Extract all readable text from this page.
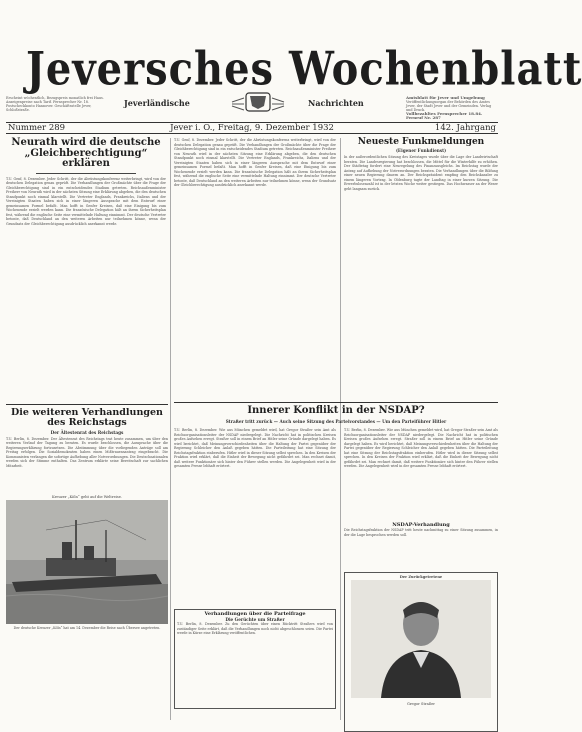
Jeversches Wochenblatt
Erscheint wöchentlich, Bezugspreis monatlich frei Haus. Anzeigenpreise nach Tarif. Fernsprecher Nr. 18. Postscheckkonto Hannover. Geschäftsstelle Jever, Schloßstraße.
Jeverländische	Nachrichten
Amtsblatt für Jever und Umgebung
Veröffentlichungsorgan der Behörden des Amtes Jever, der Stadt Jever und der Gemeinden. Verlag und Druck.
Vollbezahltes Fernsprecher 18.84. Fernruf Nr. 287
Nummer 289	Jever i. O., Freitag, 9. Dezember 1932	142. Jahrgang
Neurath wird die deutsche „Gleichberechtigung“ erklären
T.U. Genf, 8. Dezember. Jeder Schritt, der die Abrüstungskonferenz weiterbringt, wird von der deutschen Delegation genau geprüft. Die Verhandlungen der Großmächte über die Frage der Gleichberechtigung sind in ein entscheidendes Stadium getreten. Reichsaußenminister Freiherr von Neurath wird in der nächsten Sitzung eine Erklärung abgeben, die den deutschen Standpunkt noch einmal klarstellt. Die Vertreter Englands, Frankreichs, Italiens und der Vereinigten Staaten haben sich in einer längeren Aussprache mit dem Entwurf einer gemeinsamen Formel befaßt. Man hofft in Genfer Kreisen, daß eine Einigung bis zum Wochenende erzielt werden kann. Die französische Delegation hält an ihrem Sicherheitsplan fest, während die englische Seite eine vermittelnde Haltung einnimmt. Der deutsche Vertreter betonte, daß Deutschland an den weiteren Arbeiten nur teilnehmen könne, wenn der Grundsatz der Gleichberechtigung ausdrücklich anerkannt werde.
T.U. Genf, 8. Dezember. Jeder Schritt, der die Abrüstungskonferenz weiterbringt, wird von der deutschen Delegation genau geprüft. Die Verhandlungen der Großmächte über die Frage der Gleichberechtigung sind in ein entscheidendes Stadium getreten. Reichsaußenminister Freiherr von Neurath wird in der nächsten Sitzung eine Erklärung abgeben, die den deutschen Standpunkt noch einmal klarstellt. Die Vertreter Englands, Frankreichs, Italiens und der Vereinigten Staaten haben sich in einer längeren Aussprache mit dem Entwurf einer gemeinsamen Formel befaßt. Man hofft in Genfer Kreisen, daß eine Einigung bis zum Wochenende erzielt werden kann. Die französische Delegation hält an ihrem Sicherheitsplan fest, während die englische Seite eine vermittelnde Haltung einnimmt. Der deutsche Vertreter betonte, daß Deutschland an den weiteren Arbeiten nur teilnehmen könne, wenn der Grundsatz der Gleichberechtigung ausdrücklich anerkannt werde.
Neueste Funkmeldungen
(Eigener Funkdienst)
In der außerordentlichen Sitzung des Kreistages wurde über die Lage der Landwirtschaft beraten. Die Landesregierung hat beschlossen, die Mittel für die Winterhilfe zu erhöhen. Der Städtetag fordert eine Neuregelung des Finanzausgleichs. Im Reichstag wurde der Antrag auf Aufhebung der Notverordnungen beraten. Die Verhandlungen über die Bildung einer neuen Regierung dauern an. Der Reichspräsident empfing den Reichskanzler zu einem längeren Vortrag. In Oldenburg tagte der Landtag in einer kurzen Sitzung. Die Erwerbslosenzahl ist in der letzten Woche weiter gestiegen. Das Hochwasser an der Weser geht langsam zurück.
Innerer Konflikt in der NSDAP?
Straßer tritt zurück — Auch seine Sitzung des Parteivorstandes — Um den Parteiführer Hitler
T.U. Berlin, 8. Dezember. Wie aus München gemeldet wird, hat Gregor Straßer sein Amt als Reichsorganisationsleiter der NSDAP niedergelegt. Die Nachricht hat in politischen Kreisen großes Aufsehen erregt. Straßer soll in einem Brief an Hitler seine Gründe dargelegt haben. Es wird berichtet, daß Meinungsverschiedenheiten über die Haltung der Partei gegenüber der Regierung Schleicher den Anlaß gegeben hätten. Die Parteileitung hat eine Sitzung der Reichstagsfraktion einberufen. Hitler wird in dieser Sitzung selbst sprechen. In den Kreisen der Fraktion wird erklärt, daß die Einheit der Bewegung nicht gefährdet sei. Man rechnet damit, daß weitere Funktionäre sich hinter den Führer stellen werden. Die Angelegenheit wird in der gesamten Presse lebhaft erörtert.
Verhandlungen über die Parteifrage
Die Gerüchte um Straßer
T.U. Berlin, 8. Dezember. Zu den Gerüchten über einen Rücktritt Straßers wird von zuständiger Seite erklärt, daß die Verhandlungen noch nicht abgeschlossen seien. Die Partei werde in Kürze eine Erklärung veröffentlichen.
T.U. Berlin, 8. Dezember. Wie aus München gemeldet wird, hat Gregor Straßer sein Amt als Reichsorganisationsleiter der NSDAP niedergelegt. Die Nachricht hat in politischen Kreisen großes Aufsehen erregt. Straßer soll in einem Brief an Hitler seine Gründe dargelegt haben. Es wird berichtet, daß Meinungsverschiedenheiten über die Haltung der Partei gegenüber der Regierung Schleicher den Anlaß gegeben hätten. Die Parteileitung hat eine Sitzung der Reichstagsfraktion einberufen. Hitler wird in dieser Sitzung selbst sprechen. In den Kreisen der Fraktion wird erklärt, daß die Einheit der Bewegung nicht gefährdet sei. Man rechnet damit, daß weitere Funktionäre sich hinter den Führer stellen werden. Die Angelegenheit wird in der gesamten Presse lebhaft erörtert.
NSDAP-Verhandlung
Die Reichstagsfraktion der NSDAP tritt heute nachmittag zu einer Sitzung zusammen, in der die Lage besprochen werden soll.
Der Zurückgetretene
Gregor Straßer
Die weiteren Verhandlungen des Reichstags
Der Ältestenrat des Reichstags
T.U. Berlin, 8. Dezember. Der Ältestenrat des Reichstags trat heute zusammen, um über den weiteren Verlauf der Tagung zu beraten. Es wurde beschlossen, die Aussprache über die Regierungserklärung fortzusetzen. Die Abstimmung über die vorliegenden Anträge soll am Freitag erfolgen. Die Sozialdemokraten haben einen Mißtrauensantrag eingebracht. Die Kommunisten verlangen die sofortige Aufhebung aller Notverordnungen. Die Deutschnationalen werden sich der Stimme enthalten. Das Zentrum erklärte seine Bereitschaft zur sachlichen Mitarbeit.
Kreuzer „Köln“ geht auf die Weltreise.
Der deutsche Kreuzer „Köln“ hat am 14. Dezember die Reise nach Übersee angetreten.
